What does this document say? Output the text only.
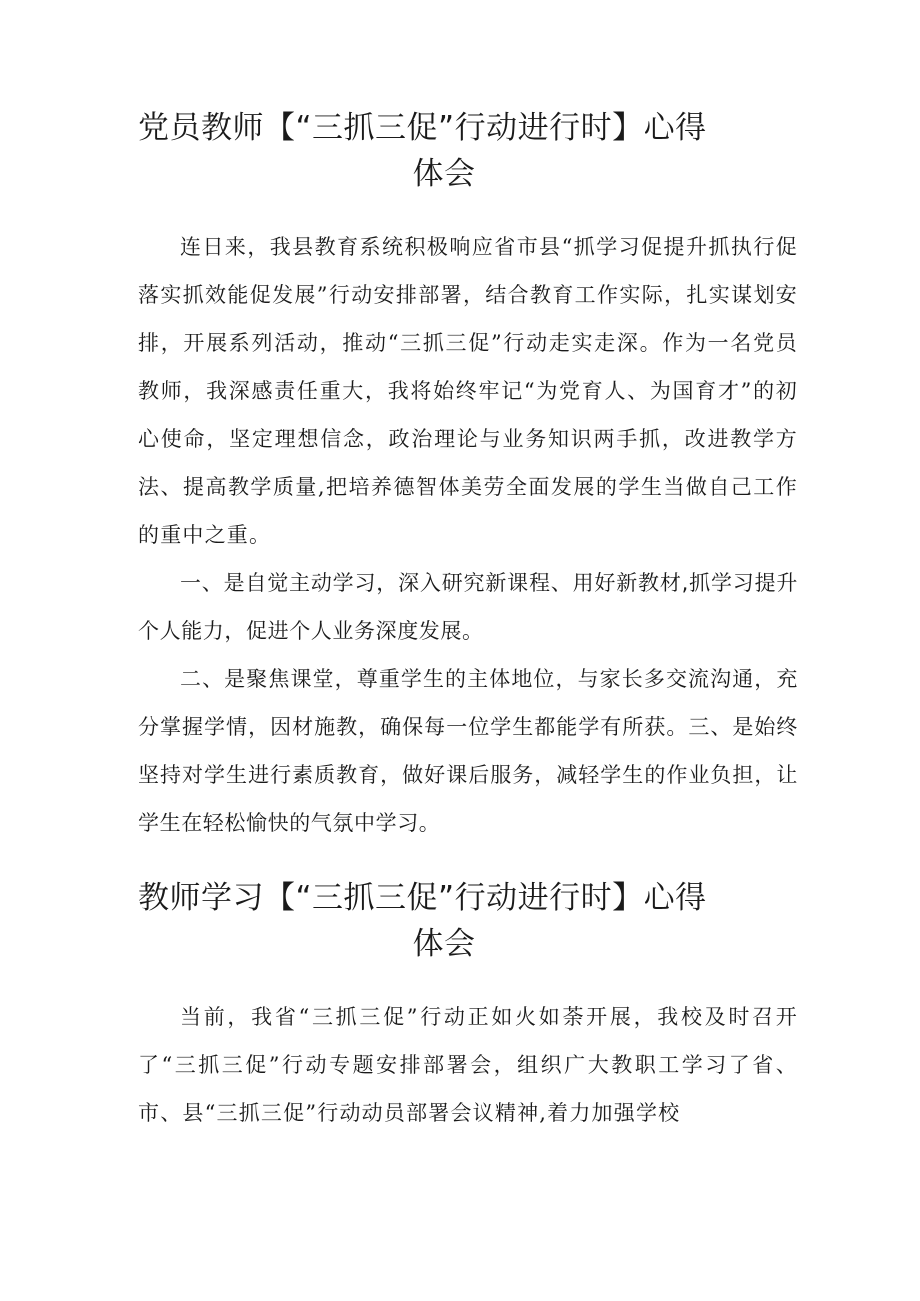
党员教师【“三抓三促”行动进行时】心得
体会

连日来，我县教育系统积极响应省市县“抓学习促提升抓执行促落实抓效能促发展”行动安排部署，结合教育工作实际，扎实谋划安排，开展系列活动，推动“三抓三促”行动走实走深。作为一名党员教师，我深感责任重大，我将始终牢记“为党育人、为国育才”的初心使命，坚定理想信念，政治理论与业务知识两手抓，改进教学方法、提高教学质量,把培养德智体美劳全面发展的学生当做自己工作的重中之重。

一、是自觉主动学习，深入研究新课程、用好新教材,抓学习提升个人能力，促进个人业务深度发展。

二、是聚焦课堂，尊重学生的主体地位，与家长多交流沟通，充分掌握学情，因材施教，确保每一位学生都能学有所获。三、是始终坚持对学生进行素质教育，做好课后服务，减轻学生的作业负担，让学生在轻松愉快的气氛中学习。

教师学习【“三抓三促”行动进行时】心得
体会

当前，我省“三抓三促”行动正如火如荼开展，我校及时召开了“三抓三促”行动专题安排部署会，组织广大教职工学习了省、市、县“三抓三促”行动动员部署会议精神,着力加强学校
